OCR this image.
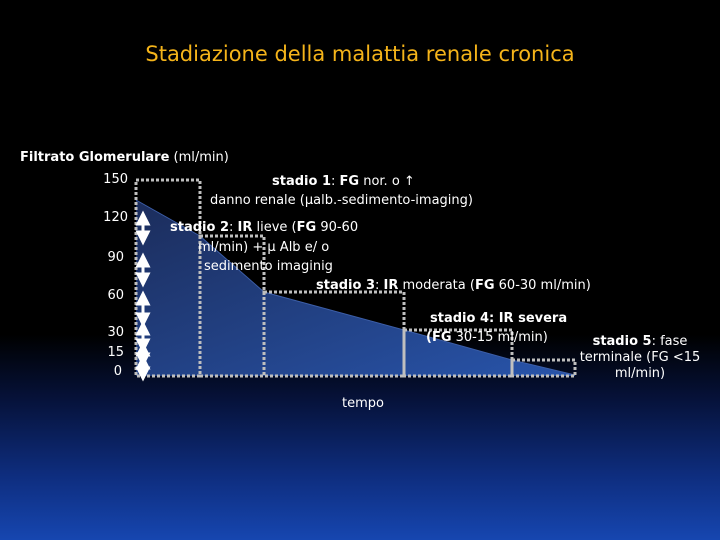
Stadiazione della malattia renale cronica
Filtrato Glomerulare (ml/min)
150
120
90
60
30
15
0
stadio 1: FG nor. o ↑
danno renale (µalb.-sedimento-imaging)
stadio 2: IR lieve (FG 90-60
ml/min) + μ Alb e/ o
sedimento imaginig
stadio 3: IR moderata (FG 60-30 ml/min)
stadio 4: IR severa
(FG 30-15 ml/min)	stadio 5: fase
terminale (FG <15
ml/min)
tempo
